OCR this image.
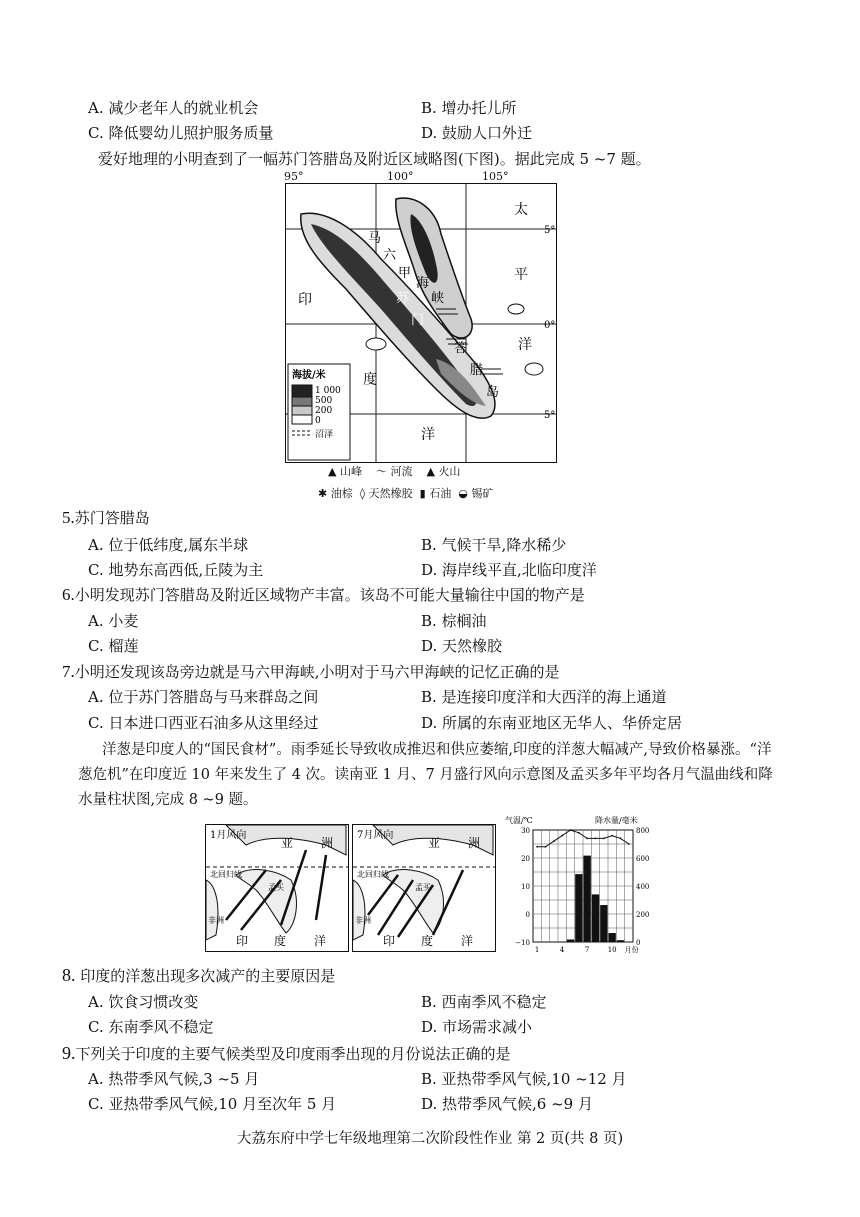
A. 减少老年人的就业机会	B. 增办托儿所
C. 降低婴幼儿照护服务质量	D. 鼓励人口外迁
爱好地理的小明查到了一幅苏门答腊岛及附近区域略图(下图)。据此完成 5 ~7 题。
5°
0°
5°
太
平
洋
印
度
洋
马
六
甲
海
峡
苏
门
答
腊
岛
海拔/米
1 000
500
200
0
沼泽
95°	100°	105°
▲ 山峰 〜 河流 ▲ 火山
✱ 油棕 ◊ 天然橡胶 ▮ 石油 ◒ 锡矿
5.苏门答腊岛
A. 位于低纬度,属东半球	B. 气候干旱,降水稀少
C. 地势东高西低,丘陵为主	D. 海岸线平直,北临印度洋
6.小明发现苏门答腊岛及附近区域物产丰富。该岛不可能大量输往中国的物产是
A. 小麦	B. 棕榈油
C. 榴莲	D. 天然橡胶
7.小明还发现该岛旁边就是马六甲海峡,小明对于马六甲海峡的记忆正确的是
A. 位于苏门答腊岛与马来群岛之间	B. 是连接印度洋和大西洋的海上通道
C. 日本进口西亚石油多从这里经过	D. 所属的东南亚地区无华人、华侨定居
洋葱是印度人的“国民食材”。雨季延长导致收成推迟和供应萎缩,印度的洋葱大幅减产,导致价格暴涨。“洋葱危机”在印度近 10 年来发生了 4 次。读南亚 1 月、7 月盛行风向示意图及孟买多年平均各月气温曲线和降水量柱状图,完成 8 ~9 题。
1月风向
亚 洲
北回归线
孟买
非洲
印 度 洋
7月风向
亚 洲
北回归线
孟买
非洲
印 度 洋
气温/℃	降水量/毫米
30
20
10
0
−10
800
600
400
200
0
1	4	7	10 月份
8. 印度的洋葱出现多次减产的主要原因是
A. 饮食习惯改变	B. 西南季风不稳定
C. 东南季风不稳定	D. 市场需求减小
9.下列关于印度的主要气候类型及印度雨季出现的月份说法正确的是
A. 热带季风气候,3 ~5 月	B. 亚热带季风气候,10 ~12 月
C. 亚热带季风气候,10 月至次年 5 月	D. 热带季风气候,6 ~9 月
大荔东府中学七年级地理第二次阶段性作业 第 2 页(共 8 页)
